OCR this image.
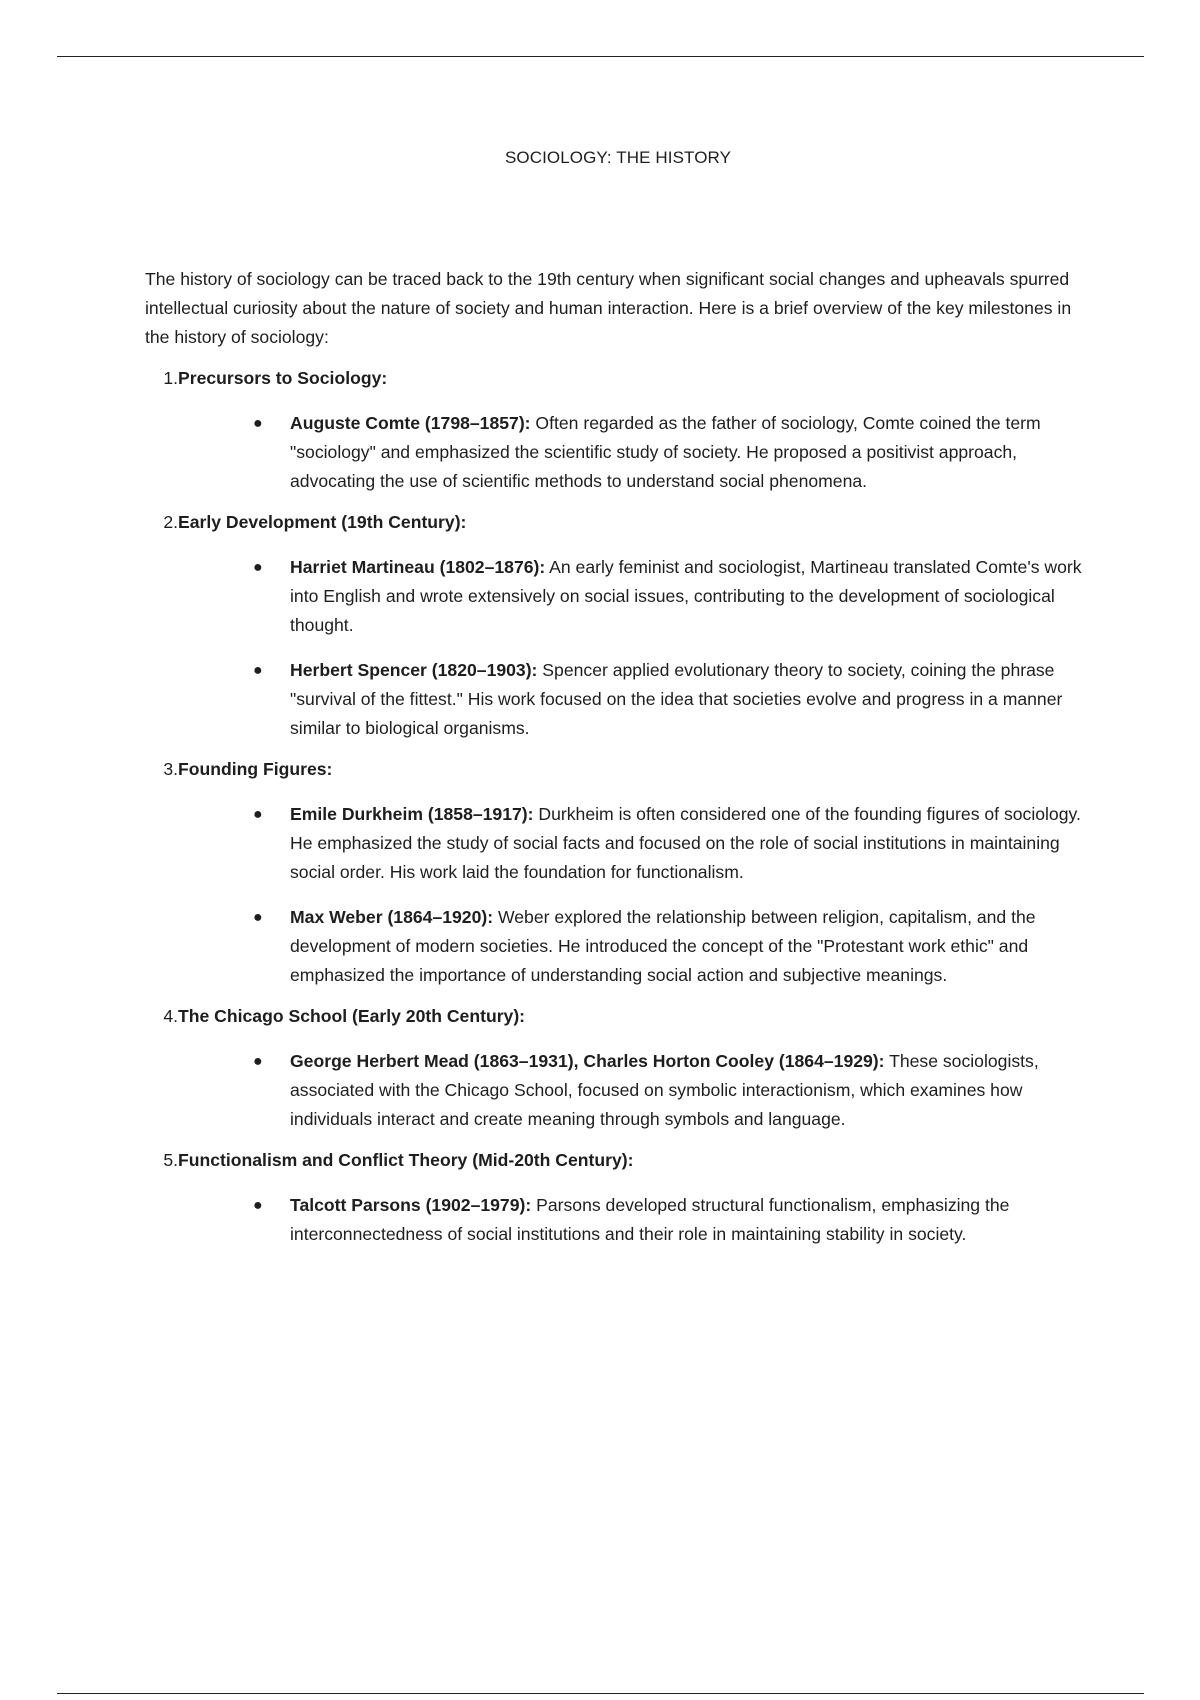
SOCIOLOGY: THE HISTORY

The history of sociology can be traced back to the 19th century when significant social changes and upheavals spurred intellectual curiosity about the nature of society and human interaction. Here is a brief overview of the key milestones in the history of sociology:

1. Precursors to Sociology:
● Auguste Comte (1798–1857): Often regarded as the father of sociology, Comte coined the term "sociology" and emphasized the scientific study of society. He proposed a positivist approach, advocating the use of scientific methods to understand social phenomena.
2. Early Development (19th Century):
● Harriet Martineau (1802–1876): An early feminist and sociologist, Martineau translated Comte's work into English and wrote extensively on social issues, contributing to the development of sociological thought.
● Herbert Spencer (1820–1903): Spencer applied evolutionary theory to society, coining the phrase "survival of the fittest." His work focused on the idea that societies evolve and progress in a manner similar to biological organisms.
3. Founding Figures:
● Emile Durkheim (1858–1917): Durkheim is often considered one of the founding figures of sociology. He emphasized the study of social facts and focused on the role of social institutions in maintaining social order. His work laid the foundation for functionalism.
● Max Weber (1864–1920): Weber explored the relationship between religion, capitalism, and the development of modern societies. He introduced the concept of the "Protestant work ethic" and emphasized the importance of understanding social action and subjective meanings.
4. The Chicago School (Early 20th Century):
● George Herbert Mead (1863–1931), Charles Horton Cooley (1864–1929): These sociologists, associated with the Chicago School, focused on symbolic interactionism, which examines how individuals interact and create meaning through symbols and language.
5. Functionalism and Conflict Theory (Mid-20th Century):
● Talcott Parsons (1902–1979): Parsons developed structural functionalism, emphasizing the interconnectedness of social institutions and their role in maintaining stability in society.
